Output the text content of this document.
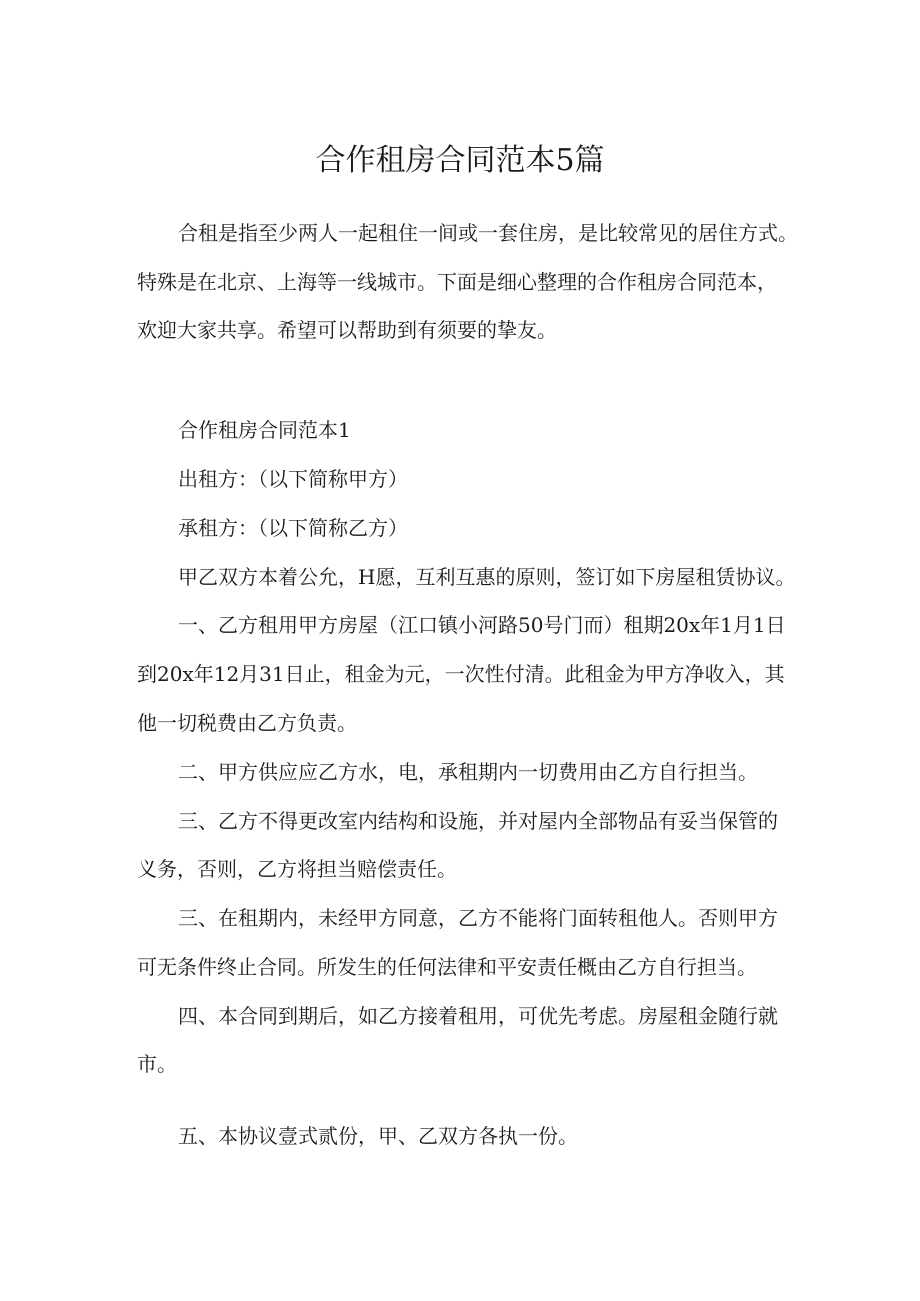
合作租房合同范本5篇

合租是指至少两人一起租住一间或一套住房，是比较常见的居住方式。

特殊是在北京、上海等一线城市。下面是细心整理的合作租房合同范本，

欢迎大家共享。希望可以帮助到有须要的挚友。

合作租房合同范本1

出租方：（以下简称甲方）

承租方：（以下简称乙方）

甲乙双方本着公允，H愿，互利互惠的原则，签订如下房屋租赁协议。

一、乙方租用甲方房屋（江口镇小河路50号门而）租期20x年1月1日

到20x年12月31日止，租金为元，一次性付清。此租金为甲方净收入，其

他一切税费由乙方负责。

二、甲方供应应乙方水，电，承租期内一切费用由乙方自行担当。

三、乙方不得更改室内结构和设施，并对屋内全部物品有妥当保管的

义务，否则，乙方将担当赔偿责任。

三、在租期内，未经甲方同意，乙方不能将门面转租他人。否则甲方

可无条件终止合同。所发生的任何法律和平安责任概由乙方自行担当。

四、本合同到期后，如乙方接着租用，可优先考虑。房屋租金随行就

市。

五、本协议壹式贰份，甲、乙双方各执一份。
